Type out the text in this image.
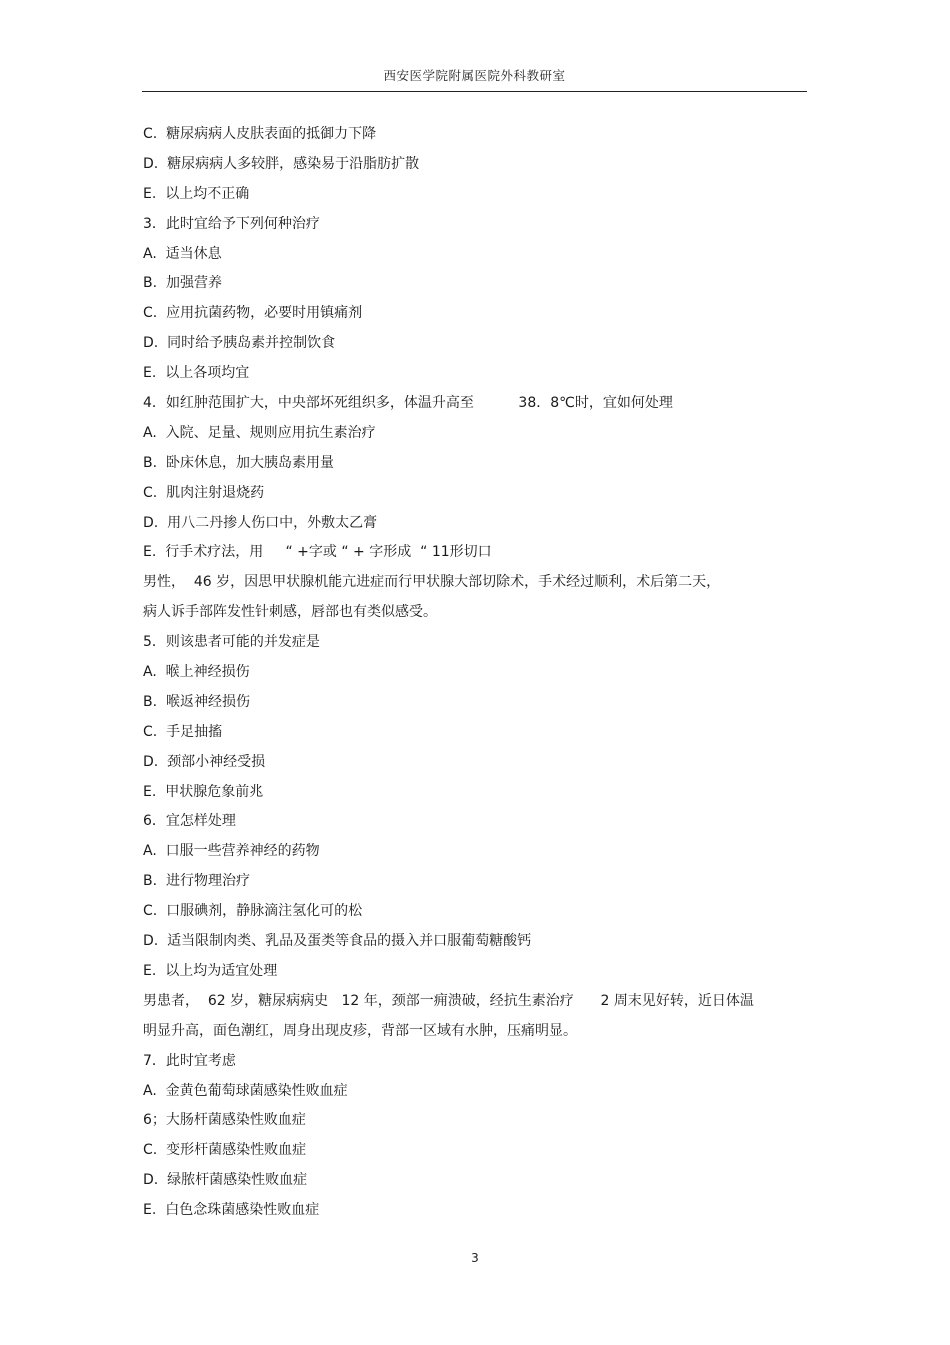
西安医学院附属医院外科教研室
C.  糖尿病病人皮肤表面的抵御力下降
D.  糖尿病病人多较胖，感染易于沿脂肪扩散
E.  以上均不正确
3．此时宜给予下列何种治疗
A.  适当休息
B.  加强营养
C.  应用抗菌药物，必要时用镇痛剂
D.  同时给予胰岛素并控制饮食
E.  以上各项均宜
4．如红肿范围扩大，中央部坏死组织多，体温升高至          38．8℃时，宜如何处理
A.  入院、足量、规则应用抗生素治疗
B.  卧床休息，加大胰岛素用量
C.  肌肉注射退烧药
D.  用八二丹掺人伤口中，外敷太乙膏
E.  行手术疗法，用     “ +字或 “ + 字形成  “ 11形切口
男性，  46 岁，因思甲状腺机能亢进症而行甲状腺大部切除术，手术经过顺利，术后第二天，
病人诉手部阵发性针刺感，唇部也有类似感受。
5．则该患者可能的并发症是
A.  喉上神经损伤
B.  喉返神经损伤
C.  手足抽搐
D.  颈部小神经受损
E.  甲状腺危象前兆
6．宜怎样处理
A.  口服一些营养神经的药物
B.  进行物理治疗
C.  口服碘剂，静脉滴注氢化可的松
D.  适当限制肉类、乳品及蛋类等食品的摄入并口服葡萄糖酸钙
E.  以上均为适宜处理
男患者，  62 岁，糖尿病病史   12 年，颈部一痈溃破，经抗生素治疗      2 周末见好转，近日体温
明显升高，面色潮红，周身出现皮疹，背部一区域有水肿，压痛明显。
7．此时宜考虑
A.  金黄色葡萄球菌感染性败血症
6；大肠杆菌感染性败血症
C.  变形杆菌感染性败血症
D.  绿脓杆菌感染性败血症
E.  白色念珠菌感染性败血症
3
